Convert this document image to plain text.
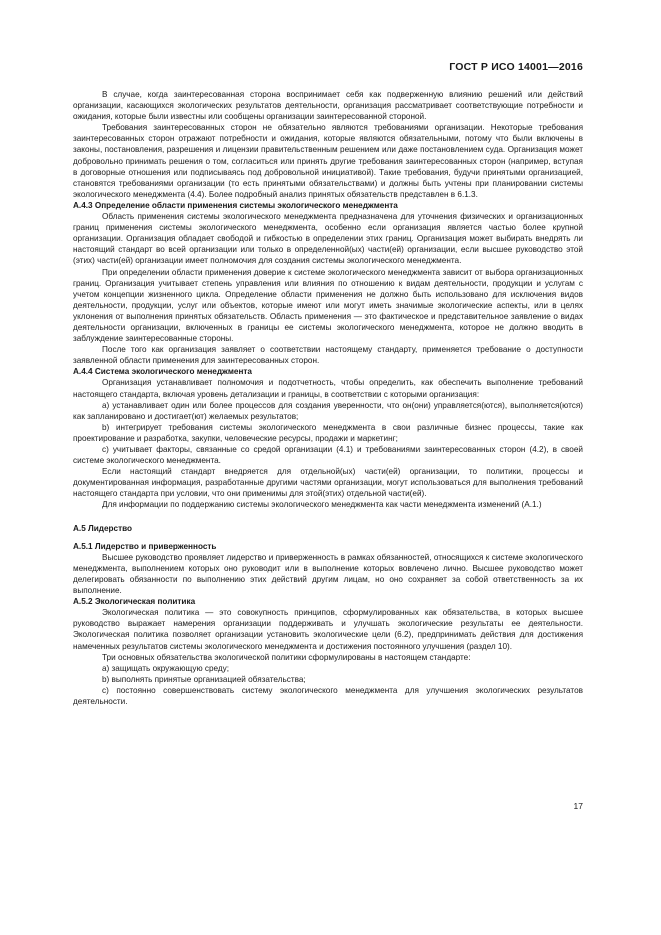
ГОСТ Р ИСО 14001—2016

В случае, когда заинтересованная сторона воспринимает себя как подверженную влиянию решений или действий организации, касающихся экологических результатов деятельности, организация рассматривает соответствующие потребности и ожидания, которые были известны или сообщены организации заинтересованной стороной.

Требования заинтересованных сторон не обязательно являются требованиями организации. Некоторые требования заинтересованных сторон отражают потребности и ожидания, которые являются обязательными, потому что были включены в законы, постановления, разрешения и лицензии правительственным решением или даже постановлением суда. Организация может добровольно принимать решения о том, согласиться или принять другие требования заинтересованных сторон (например, вступая в договорные отношения или подписываясь под добровольной инициативой). Такие требования, будучи принятыми организацией, становятся требованиями организации (то есть принятыми обязательствами) и должны быть учтены при планировании системы экологического менеджмента (4.4). Более подробный анализ принятых обязательств представлен в 6.1.3.

А.4.3 Определение области применения системы экологического менеджмента

Область применения системы экологического менеджмента предназначена для уточнения физических и организационных границ применения системы экологического менеджмента, особенно если организация является частью более крупной организации. Организация обладает свободой и гибкостью в определении этих границ. Организация может выбирать внедрять ли настоящий стандарт во всей организации или только в определенной(ых) части(ей) организации, если высшее руководство этой (этих) части(ей) организации имеет полномочия для создания системы экологического менеджмента.

При определении области применения доверие к системе экологического менеджмента зависит от выбора организационных границ. Организация учитывает степень управления или влияния по отношению к видам деятельности, продукции и услугам с учетом концепции жизненного цикла. Определение области применения не должно быть использовано для исключения видов деятельности, продукции, услуг или объектов, которые имеют или могут иметь значимые экологические аспекты, или в целях уклонения от выполнения принятых обязательств. Область применения — это фактическое и представительное заявление о видах деятельности организации, включенных в границы ее системы экологического менеджмента, которое не должно вводить в заблуждение заинтересованные стороны.

После того как организация заявляет о соответствии настоящему стандарту, применяется требование о доступности заявленной области применения для заинтересованных сторон.

А.4.4 Система экологического менеджмента

Организация устанавливает полномочия и подотчетность, чтобы определить, как обеспечить выполнение требований настоящего стандарта, включая уровень детализации и границы, в соответствии с которыми организация:

а) устанавливает один или более процессов для создания уверенности, что он(они) управляется(ются), выполняется(ются) как запланировано и достигает(ют) желаемых результатов;

b) интегрирует требования системы экологического менеджмента в свои различные бизнес процессы, такие как проектирование и разработка, закупки, человеческие ресурсы, продажи и маркетинг;

c) учитывает факторы, связанные со средой организации (4.1) и требованиями заинтересованных сторон (4.2), в своей системе экологического менеджмента.

Если настоящий стандарт внедряется для отдельной(ых) части(ей) организации, то политики, процессы и документированная информация, разработанные другими частями организации, могут использоваться для выполнения требований настоящего стандарта при условии, что они применимы для этой(этих) отдельной части(ей).

Для информации по поддержанию системы экологического менеджмента как части менеджмента изменений (А.1.)

А.5 Лидерство
А.5.1 Лидерство и приверженность

Высшее руководство проявляет лидерство и приверженность в рамках обязанностей, относящихся к системе экологического менеджмента, выполнением которых оно руководит или в выполнение которых вовлечено лично. Высшее руководство может делегировать обязанности по выполнению этих действий другим лицам, но оно сохраняет за собой ответственность за их выполнение.

А.5.2 Экологическая политика

Экологическая политика — это совокупность принципов, сформулированных как обязательства, в которых высшее руководство выражает намерения организации поддерживать и улучшать экологические результаты ее деятельности. Экологическая политика позволяет организации установить экологические цели (6.2), предпринимать действия для достижения намеченных результатов системы экологического менеджмента и достижения постоянного улучшения (раздел 10).

Три основных обязательства экологической политики сформулированы в настоящем стандарте:

а) защищать окружающую среду;

b) выполнять принятые организацией обязательства;

c) постоянно совершенствовать систему экологического менеджмента для улучшения экологических результатов деятельности.

17
